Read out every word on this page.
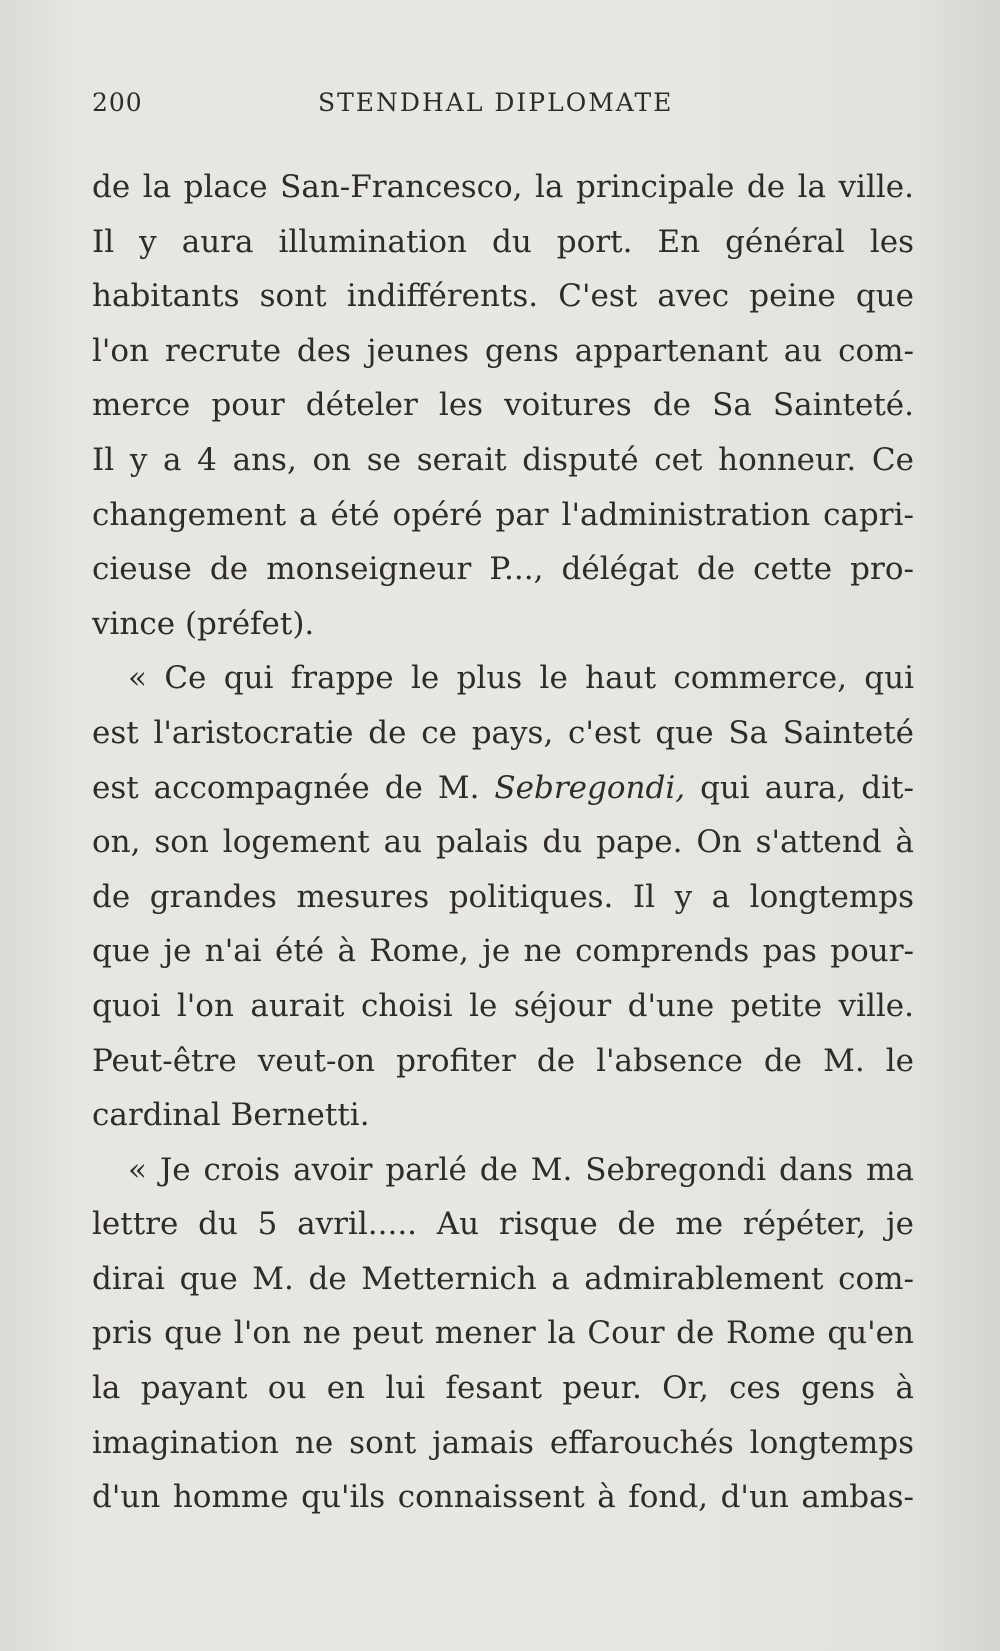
200	STENDHAL DIPLOMATE
de la place San-Francesco, la principale de la ville.
Il y aura illumination du port. En général les
habitants sont indifférents. C'est avec peine que
l'on recrute des jeunes gens appartenant au com-
merce pour dételer les voitures de Sa Sainteté.
Il y a 4 ans, on se serait disputé cet honneur. Ce
changement a été opéré par l'administration capri-
cieuse de monseigneur P..., délégat de cette pro-
vince (préfet).
« Ce qui frappe le plus le haut commerce, qui
est l'aristocratie de ce pays, c'est que Sa Sainteté
est accompagnée de M. Sebregondi, qui aura, dit-
on, son logement au palais du pape. On s'attend à
de grandes mesures politiques. Il y a longtemps
que je n'ai été à Rome, je ne comprends pas pour-
quoi l'on aurait choisi le séjour d'une petite ville.
Peut-être veut-on profiter de l'absence de M. le
cardinal Bernetti.
« Je crois avoir parlé de M. Sebregondi dans ma
lettre du 5 avril..... Au risque de me répéter, je
dirai que M. de Metternich a admirablement com-
pris que l'on ne peut mener la Cour de Rome qu'en
la payant ou en lui fesant peur. Or, ces gens à
imagination ne sont jamais effarouchés longtemps
d'un homme qu'ils connaissent à fond, d'un ambas-
